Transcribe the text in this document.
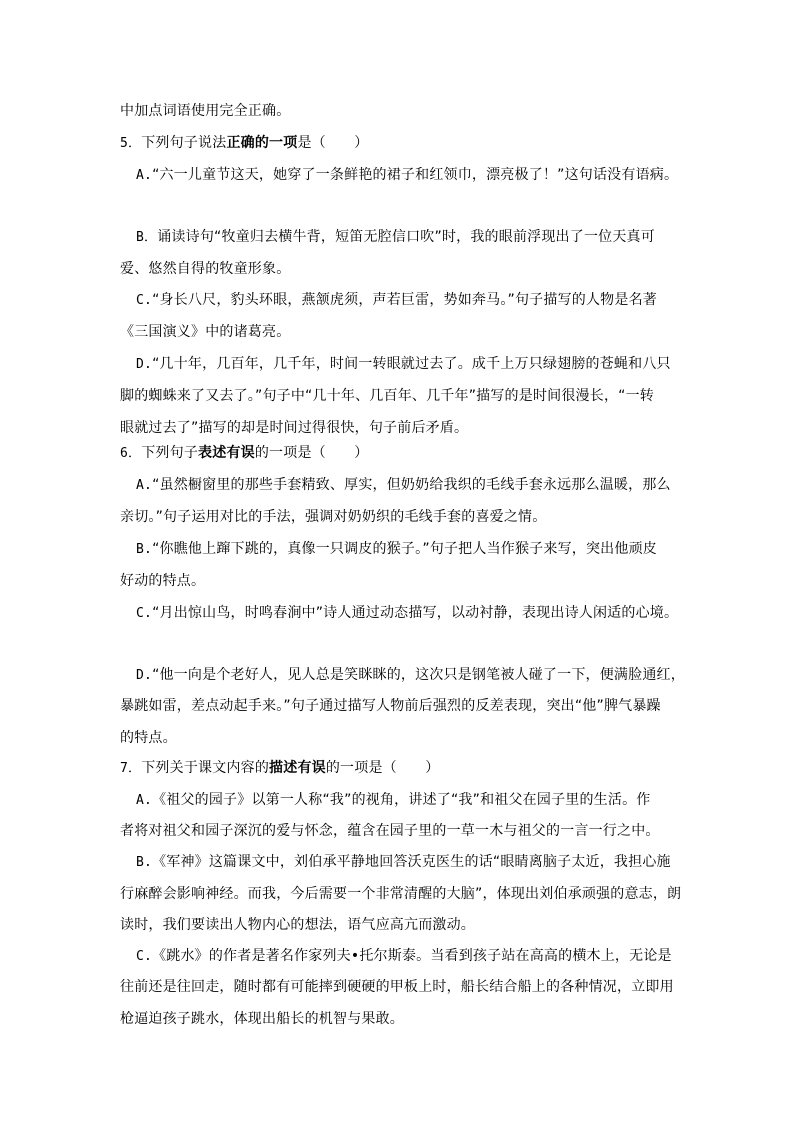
中加点词语使用完全正确。
5．下列句子说法正确的一项是（　　）
A.“六一儿童节这天，她穿了一条鲜艳的裙子和红领巾，漂亮极了！”这句话没有语病。
B．诵读诗句“牧童归去横牛背，短笛无腔信口吹”时，我的眼前浮现出了一位天真可
爱、悠然自得的牧童形象。
C.“身长八尺，豹头环眼，燕颔虎须，声若巨雷，势如奔马。”句子描写的人物是名著
《三国演义》中的诸葛亮。
D.“几十年，几百年，几千年，时间一转眼就过去了。成千上万只绿翅膀的苍蝇和八只
脚的蜘蛛来了又去了。”句子中“几十年、几百年、几千年”描写的是时间很漫长，“一转
眼就过去了”描写的却是时间过得很快，句子前后矛盾。
6．下列句子表述有误的一项是（　　）
A.“虽然橱窗里的那些手套精致、厚实，但奶奶给我织的毛线手套永远那么温暖，那么
亲切。”句子运用对比的手法，强调对奶奶织的毛线手套的喜爱之情。
B.“你瞧他上蹿下跳的，真像一只调皮的猴子。”句子把人当作猴子来写，突出他顽皮
好动的特点。
C.“月出惊山鸟，时鸣春涧中”诗人通过动态描写，以动衬静，表现出诗人闲适的心境。
D.“他一向是个老好人，见人总是笑眯眯的，这次只是钢笔被人碰了一下，便满脸通红，
暴跳如雷，差点动起手来。”句子通过描写人物前后强烈的反差表现，突出“他”脾气暴躁
的特点。
7．下列关于课文内容的描述有误的一项是（　　）
A.《祖父的园子》以第一人称“我”的视角，讲述了“我”和祖父在园子里的生活。作
者将对祖父和园子深沉的爱与怀念，蕴含在园子里的一草一木与祖父的一言一行之中。
B.《军神》这篇课文中，刘伯承平静地回答沃克医生的话“眼睛离脑子太近，我担心施
行麻醉会影响神经。而我，今后需要一个非常清醒的大脑”，体现出刘伯承顽强的意志，朗
读时，我们要读出人物内心的想法，语气应高亢而激动。
C.《跳水》的作者是著名作家列夫•托尔斯泰。当看到孩子站在高高的横木上，无论是
往前还是往回走，随时都有可能摔到硬硬的甲板上时，船长结合船上的各种情况，立即用
枪逼迫孩子跳水，体现出船长的机智与果敢。
